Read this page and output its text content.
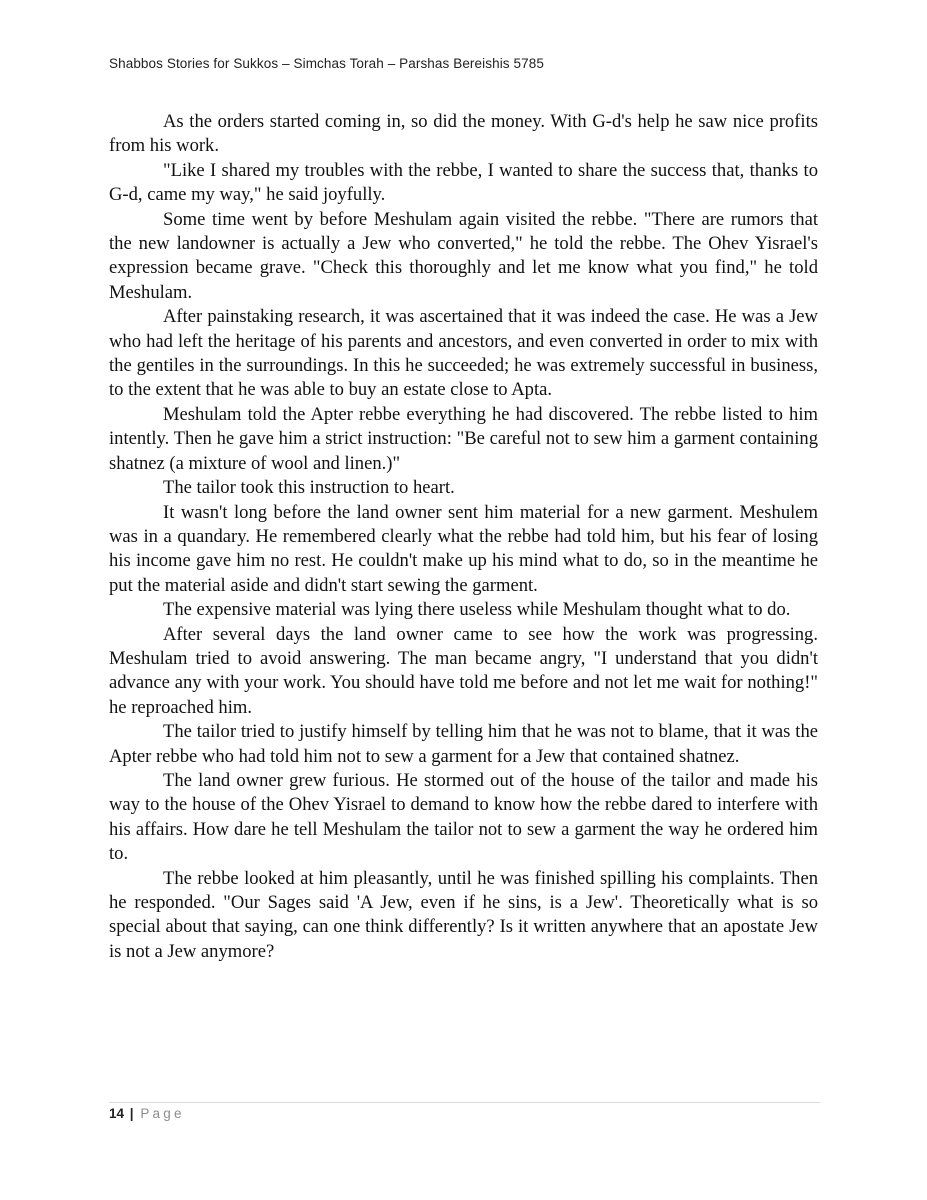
Shabbos Stories for Sukkos – Simchas Torah – Parshas Bereishis 5785

As the orders started coming in, so did the money. With G-d's help he saw nice profits from his work.

"Like I shared my troubles with the rebbe, I wanted to share the success that, thanks to G-d, came my way," he said joyfully.

Some time went by before Meshulam again visited the rebbe. "There are rumors that the new landowner is actually a Jew who converted," he told the rebbe. The Ohev Yisrael's expression became grave. "Check this thoroughly and let me know what you find," he told Meshulam.

After painstaking research, it was ascertained that it was indeed the case. He was a Jew who had left the heritage of his parents and ancestors, and even converted in order to mix with the gentiles in the surroundings. In this he succeeded; he was extremely successful in business, to the extent that he was able to buy an estate close to Apta.

Meshulam told the Apter rebbe everything he had discovered. The rebbe listed to him intently. Then he gave him a strict instruction: "Be careful not to sew him a garment containing shatnez (a mixture of wool and linen.)"

The tailor took this instruction to heart.

It wasn't long before the land owner sent him material for a new garment. Meshulem was in a quandary. He remembered clearly what the rebbe had told him, but his fear of losing his income gave him no rest. He couldn't make up his mind what to do, so in the meantime he put the material aside and didn't start sewing the garment.

The expensive material was lying there useless while Meshulam thought what to do.

After several days the land owner came to see how the work was progressing. Meshulam tried to avoid answering. The man became angry, "I understand that you didn't advance any with your work. You should have told me before and not let me wait for nothing!" he reproached him.

The tailor tried to justify himself by telling him that he was not to blame, that it was the Apter rebbe who had told him not to sew a garment for a Jew that contained shatnez.

The land owner grew furious. He stormed out of the house of the tailor and made his way to the house of the Ohev Yisrael to demand to know how the rebbe dared to interfere with his affairs. How dare he tell Meshulam the tailor not to sew a garment the way he ordered him to.

The rebbe looked at him pleasantly, until he was finished spilling his complaints. Then he responded. "Our Sages said 'A Jew, even if he sins, is a Jew'. Theoretically what is so special about that saying, can one think differently? Is it written anywhere that an apostate Jew is not a Jew anymore?

14 | Page
